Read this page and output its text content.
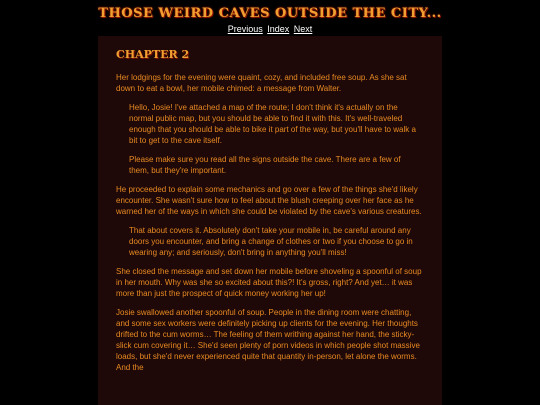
THOSE WEIRD CAVES OUTSIDE THE CITY...
Previous Index Next
CHAPTER 2

Her lodgings for the evening were quaint, cozy, and included free soup. As she sat down to eat a bowl, her mobile chimed: a message from Walter.

Hello, Josie! I've attached a map of the route; I don't think it's actually on the normal public map, but you should be able to find it with this. It's well-traveled enough that you should be able to bike it part of the way, but you'll have to walk a bit to get to the cave itself.

Please make sure you read all the signs outside the cave. There are a few of them, but they're important.

He proceeded to explain some mechanics and go over a few of the things she'd likely encounter. She wasn't sure how to feel about the blush creeping over her face as he warned her of the ways in which she could be violated by the cave's various creatures.

That about covers it. Absolutely don't take your mobile in, be careful around any doors you encounter, and bring a change of clothes or two if you choose to go in wearing any; and seriously, don't bring in anything you'll miss!

She closed the message and set down her mobile before shoveling a spoonful of soup in her mouth. Why was she so excited about this?! It's gross, right? And yet… it was more than just the prospect of quick money working her up!

Josie swallowed another spoonful of soup. People in the dining room were chatting, and some sex workers were definitely picking up clients for the evening. Her thoughts drifted to the cum worms… The feeling of them writhing against her hand, the sticky-slick cum covering it… She'd seen plenty of porn videos in which people shot massive loads, but she'd never experienced quite that quantity in-person, let alone the worms. And the
